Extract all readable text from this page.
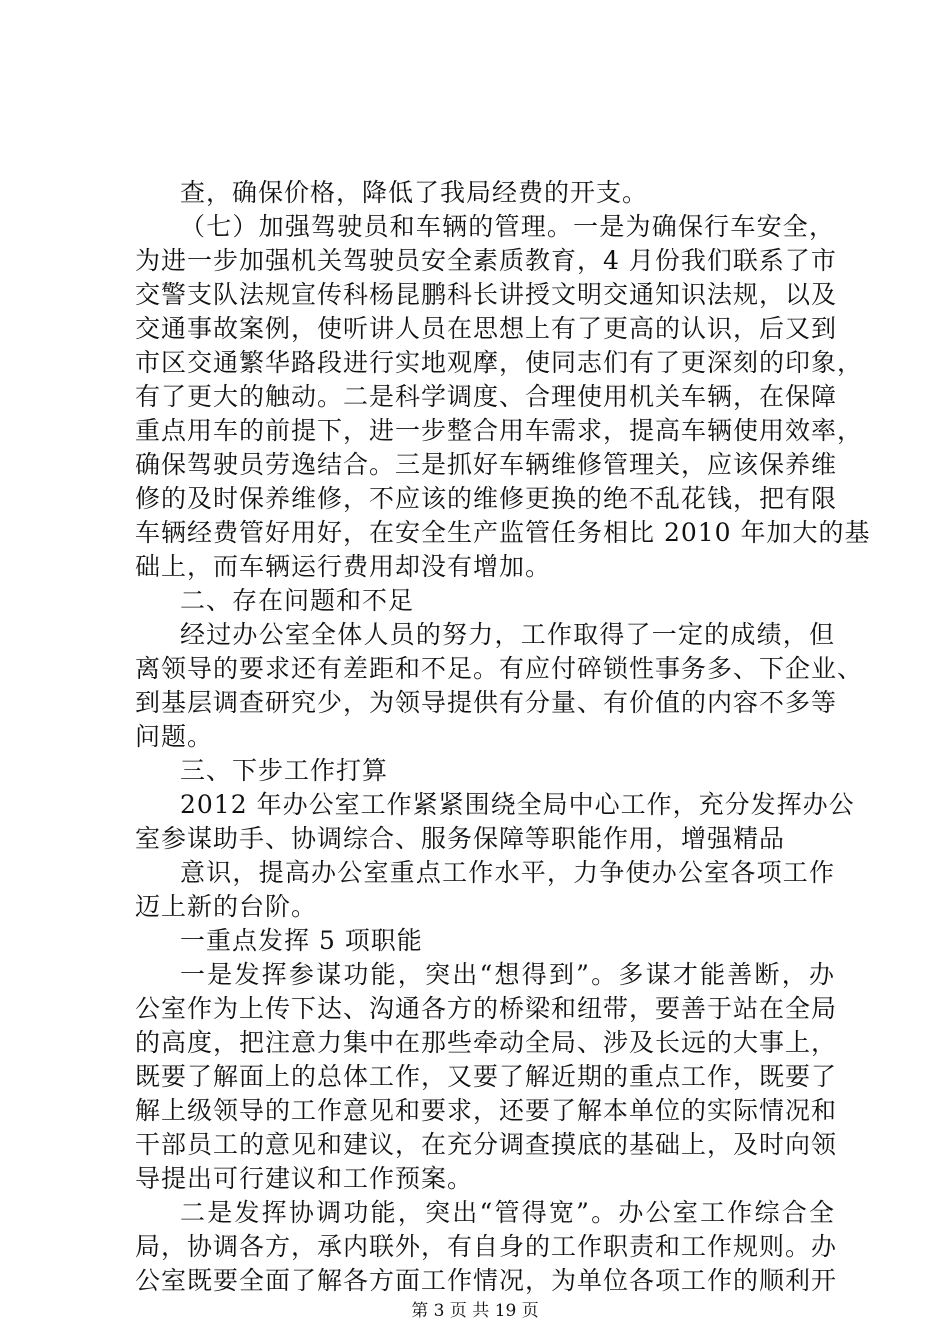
查，确保价格，降低了我局经费的开支。
（七）加强驾驶员和车辆的管理。一是为确保行车安全，
为进一步加强机关驾驶员安全素质教育，4 月份我们联系了市
交警支队法规宣传科杨昆鹏科长讲授文明交通知识法规，以及
交通事故案例，使听讲人员在思想上有了更高的认识，后又到
市区交通繁华路段进行实地观摩，使同志们有了更深刻的印象，
有了更大的触动。二是科学调度、合理使用机关车辆，在保障
重点用车的前提下，进一步整合用车需求，提高车辆使用效率，
确保驾驶员劳逸结合。三是抓好车辆维修管理关，应该保养维
修的及时保养维修，不应该的维修更换的绝不乱花钱，把有限
车辆经费管好用好，在安全生产监管任务相比 2010 年加大的基
础上，而车辆运行费用却没有增加。
二、存在问题和不足
经过办公室全体人员的努力，工作取得了一定的成绩，但
离领导的要求还有差距和不足。有应付碎锁性事务多、下企业、
到基层调查研究少，为领导提供有分量、有价值的内容不多等
问题。
三、下步工作打算
2012 年办公室工作紧紧围绕全局中心工作，充分发挥办公
室参谋助手、协调综合、服务保障等职能作用，增强精品
意识，提高办公室重点工作水平，力争使办公室各项工作
迈上新的台阶。
一重点发挥 5 项职能
一是发挥参谋功能，突出“想得到”。多谋才能善断，办
公室作为上传下达、沟通各方的桥梁和纽带，要善于站在全局
的高度，把注意力集中在那些牵动全局、涉及长远的大事上，
既要了解面上的总体工作，又要了解近期的重点工作，既要了
解上级领导的工作意见和要求，还要了解本单位的实际情况和
干部员工的意见和建议，在充分调查摸底的基础上，及时向领
导提出可行建议和工作预案。
二是发挥协调功能，突出“管得宽”。办公室工作综合全
局，协调各方，承内联外，有自身的工作职责和工作规则。办
公室既要全面了解各方面工作情况，为单位各项工作的顺利开
第 3 页 共 19 页
